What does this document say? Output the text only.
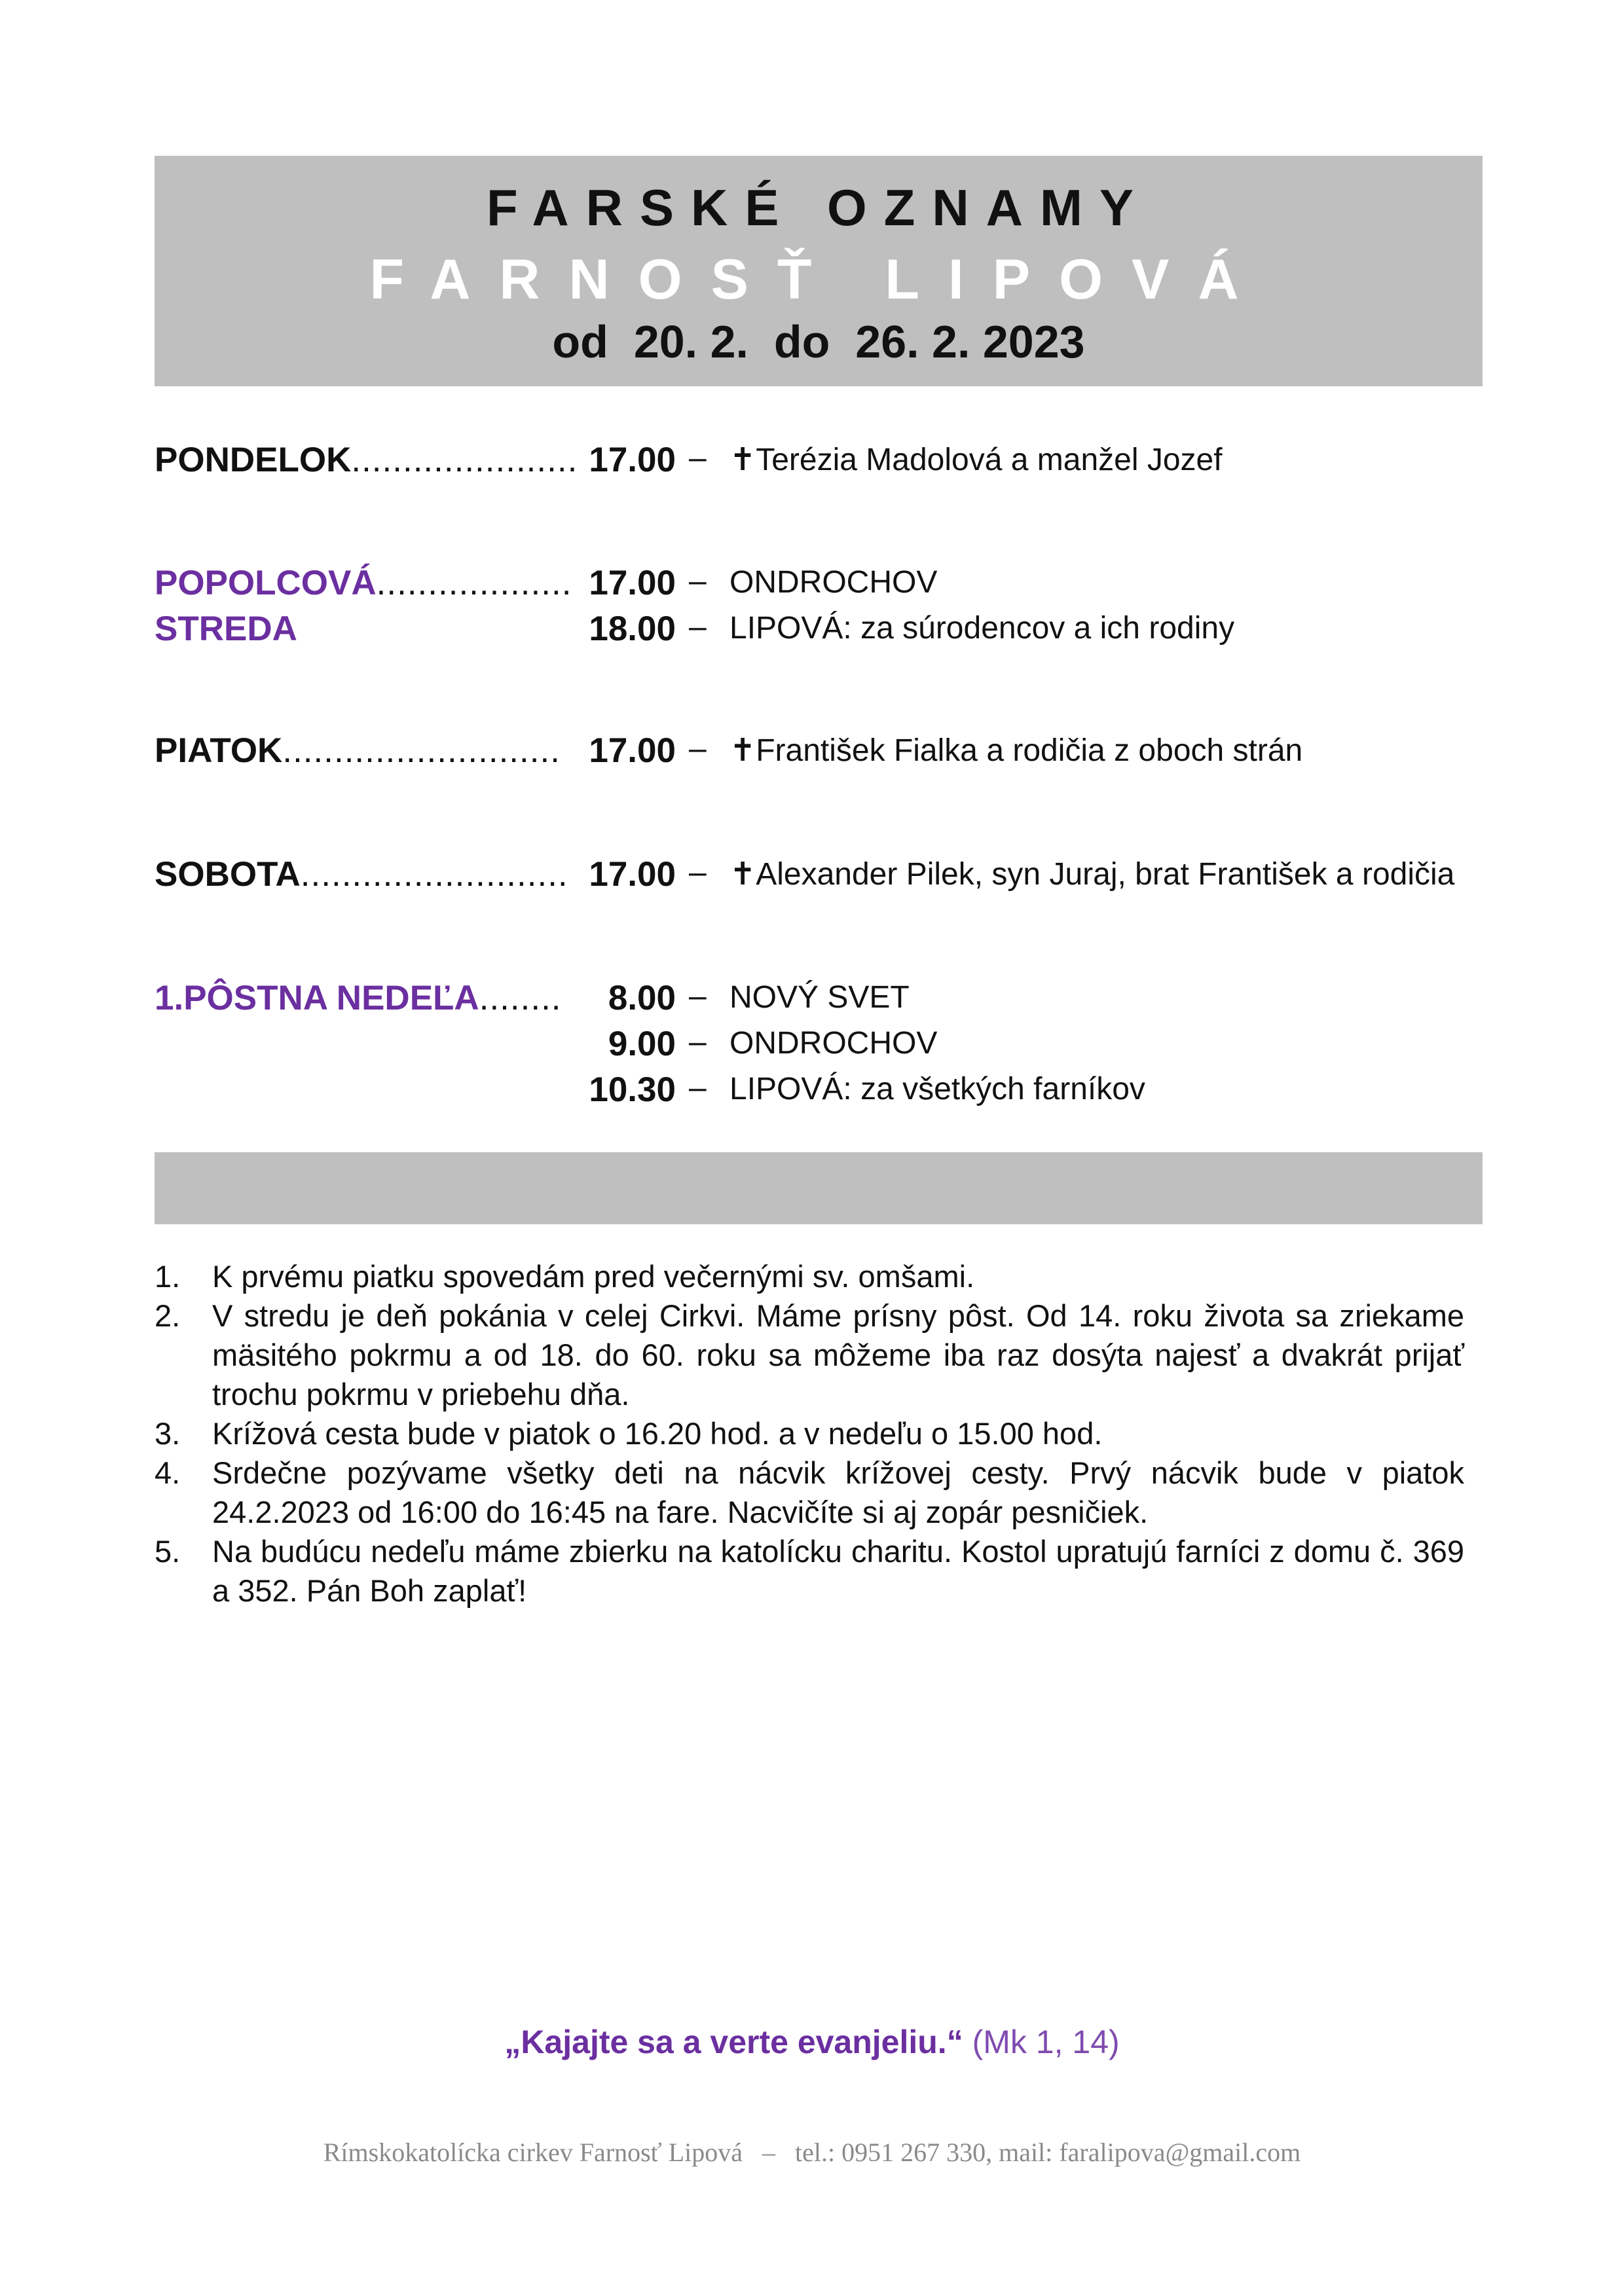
FARSKÉ OZNAMY
FARNOSŤ LIPOVÁ
od  20. 2.  do  26. 2. 2023
PONDELOK...................... 17.00 – ✝Terézia Madolová a manžel Jozef
POPOLCOVÁ................... 17.00 – ONDROCHOV
STREDA	18.00 – LIPOVÁ: za súrodencov a ich rodiny
PIATOK........................... 17.00 – ✝František Fialka a rodičia z oboch strán
SOBOTA.......................... 17.00 – ✝Alexander Pilek, syn Juraj, brat František a rodičia
1.PÔSTNA NEDEĽA........ 8.00 – NOVÝ SVET
9.00 – ONDROCHOV
10.30 – LIPOVÁ: za všetkých farníkov
1. K prvému piatku spovedám pred večernými sv. omšami.
2. V stredu je deň pokánia v celej Cirkvi. Máme prísny pôst. Od 14. roku života sa zriekame mäsitého pokrmu a od 18. do 60. roku sa môžeme iba raz dosýta najesť a dvakrát prijať trochu pokrmu v priebehu dňa.
3. Krížová cesta bude v piatok o 16.20 hod. a v nedeľu o 15.00 hod.
4. Srdečne pozývame všetky deti na nácvik krížovej cesty. Prvý nácvik bude v piatok 24.2.2023 od 16:00 do 16:45 na fare. Nacvičíte si aj zopár pesničiek.
5. Na budúcu nedeľu máme zbierku na katolícku charitu. Kostol upratujú farníci z domu č. 369 a 352. Pán Boh zaplať!
„Kajajte sa a verte evanjeliu.“ (Mk 1, 14)
Rímskokatolícka cirkev Farnosť Lipová   –   tel.: 0951 267 330, mail: faralipova@gmail.com
